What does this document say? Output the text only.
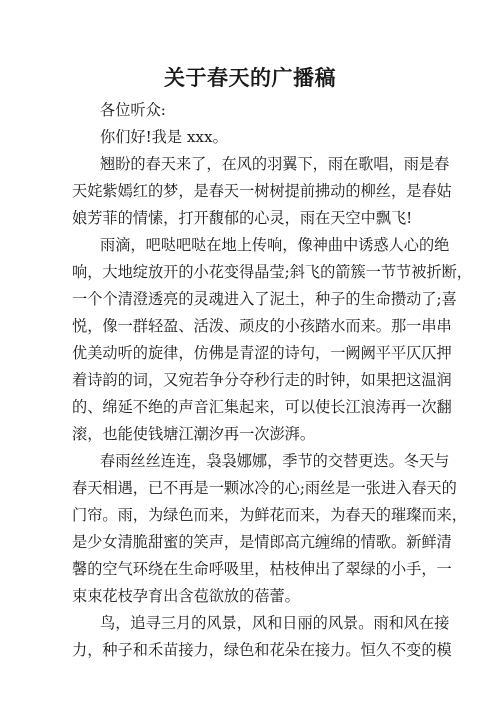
关于春天的广播稿
各位听众:
你们好!我是 xxx。
翘盼的春天来了，在风的羽翼下，雨在歌唱，雨是春
天姹紫嫣红的梦，是春天一树树提前拂动的柳丝，是春姑
娘芳菲的情愫，打开馥郁的心灵，雨在天空中飘飞!
雨滴，吧哒吧哒在地上传响，像神曲中诱惑人心的绝
响，大地绽放开的小花变得晶莹;斜飞的箭簇一节节被折断，
一个个清澄透亮的灵魂进入了泥土，种子的生命攒动了;喜
悦，像一群轻盈、活泼、顽皮的小孩踏水而来。那一串串
优美动听的旋律，仿佛是青涩的诗句，一阙阙平平仄仄押
着诗韵的词，又宛若争分夺秒行走的时钟，如果把这温润
的、绵延不绝的声音汇集起来，可以使长江浪涛再一次翻
滚，也能使钱塘江潮汐再一次澎湃。
春雨丝丝连连，袅袅娜娜，季节的交替更迭。冬天与
春天相遇，已不再是一颗冰冷的心;雨丝是一张进入春天的
门帘。雨，为绿色而来，为鲜花而来，为春天的璀璨而来，
是少女清脆甜蜜的笑声，是情郎高亢缠绵的情歌。新鲜清
馨的空气环绕在生命呼吸里，枯枝伸出了翠绿的小手，一
束束花枝孕育出含苞欲放的蓓蕾。
鸟，追寻三月的风景，风和日丽的风景。雨和风在接
力，种子和禾苗接力，绿色和花朵在接力。恒久不变的模
